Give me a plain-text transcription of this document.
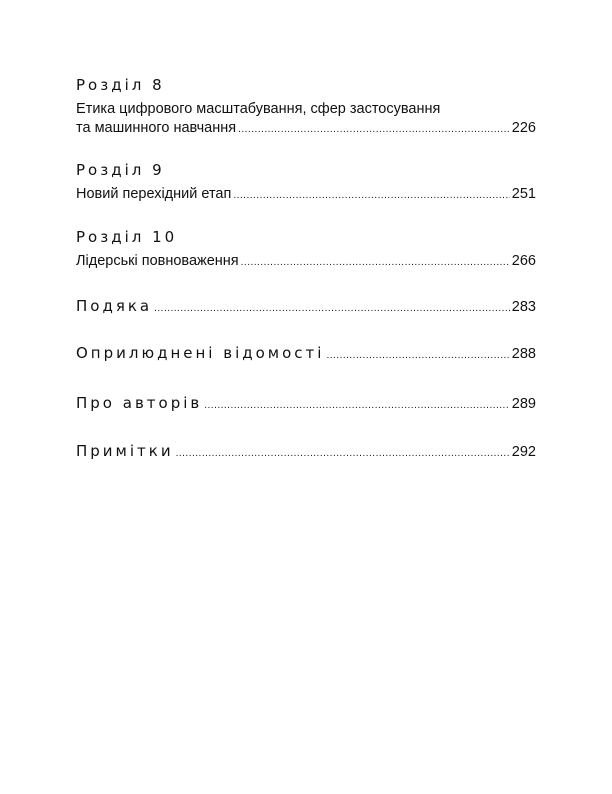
Розділ 8
Етика цифрового масштабування, сфер застосування
та машинного навчання .....	226
Розділ 9
Новий перехідний етап .....	251
Розділ 10
Лідерські повноваження .....	266
Подяка .....	283
Оприлюднені відомості .....	288
Про авторів .....	289
Примітки .....	292
